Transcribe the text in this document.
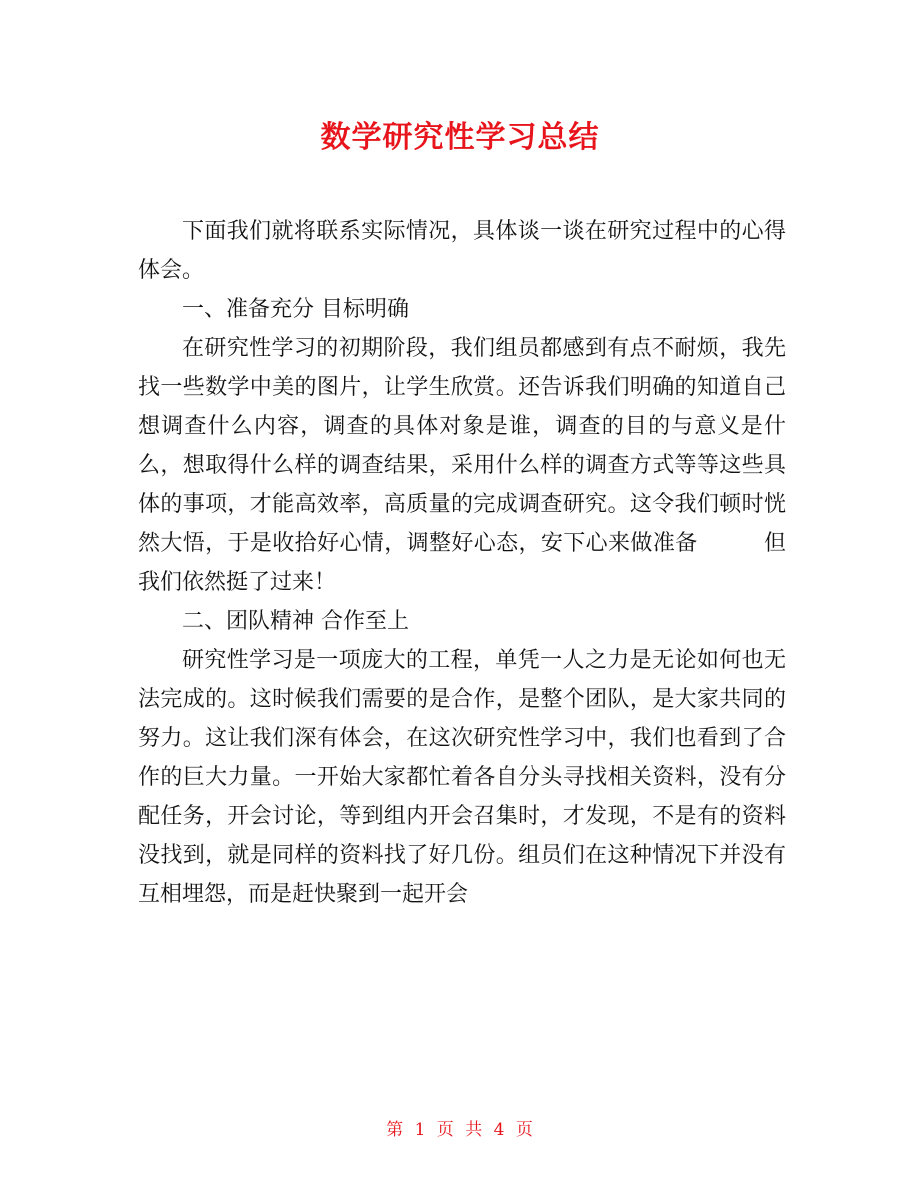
数学研究性学习总结

下面我们就将联系实际情况，具体谈一谈在研究过程中的心得体会。

一、准备充分 目标明确

在研究性学习的初期阶段，我们组员都感到有点不耐烦，我先找一些数学中美的图片，让学生欣赏。还告诉我们明确的知道自己想调查什么内容，调查的具体对象是谁，调查的目的与意义是什么，想取得什么样的调查结果，采用什么样的调查方式等等这些具体的事项，才能高效率，高质量的完成调查研究。这令我们顿时恍然大悟，于是收拾好心情，调整好心态，安下心来做准备	但我们依然挺了过来！

二、团队精神 合作至上

研究性学习是一项庞大的工程，单凭一人之力是无论如何也无法完成的。这时候我们需要的是合作，是整个团队，是大家共同的努力。这让我们深有体会，在这次研究性学习中，我们也看到了合作的巨大力量。一开始大家都忙着各自分头寻找相关资料，没有分配任务，开会讨论，等到组内开会召集时，才发现，不是有的资料没找到，就是同样的资料找了好几份。组员们在这种情况下并没有互相埋怨，而是赶快聚到一起开会

第 1 页 共 4 页
